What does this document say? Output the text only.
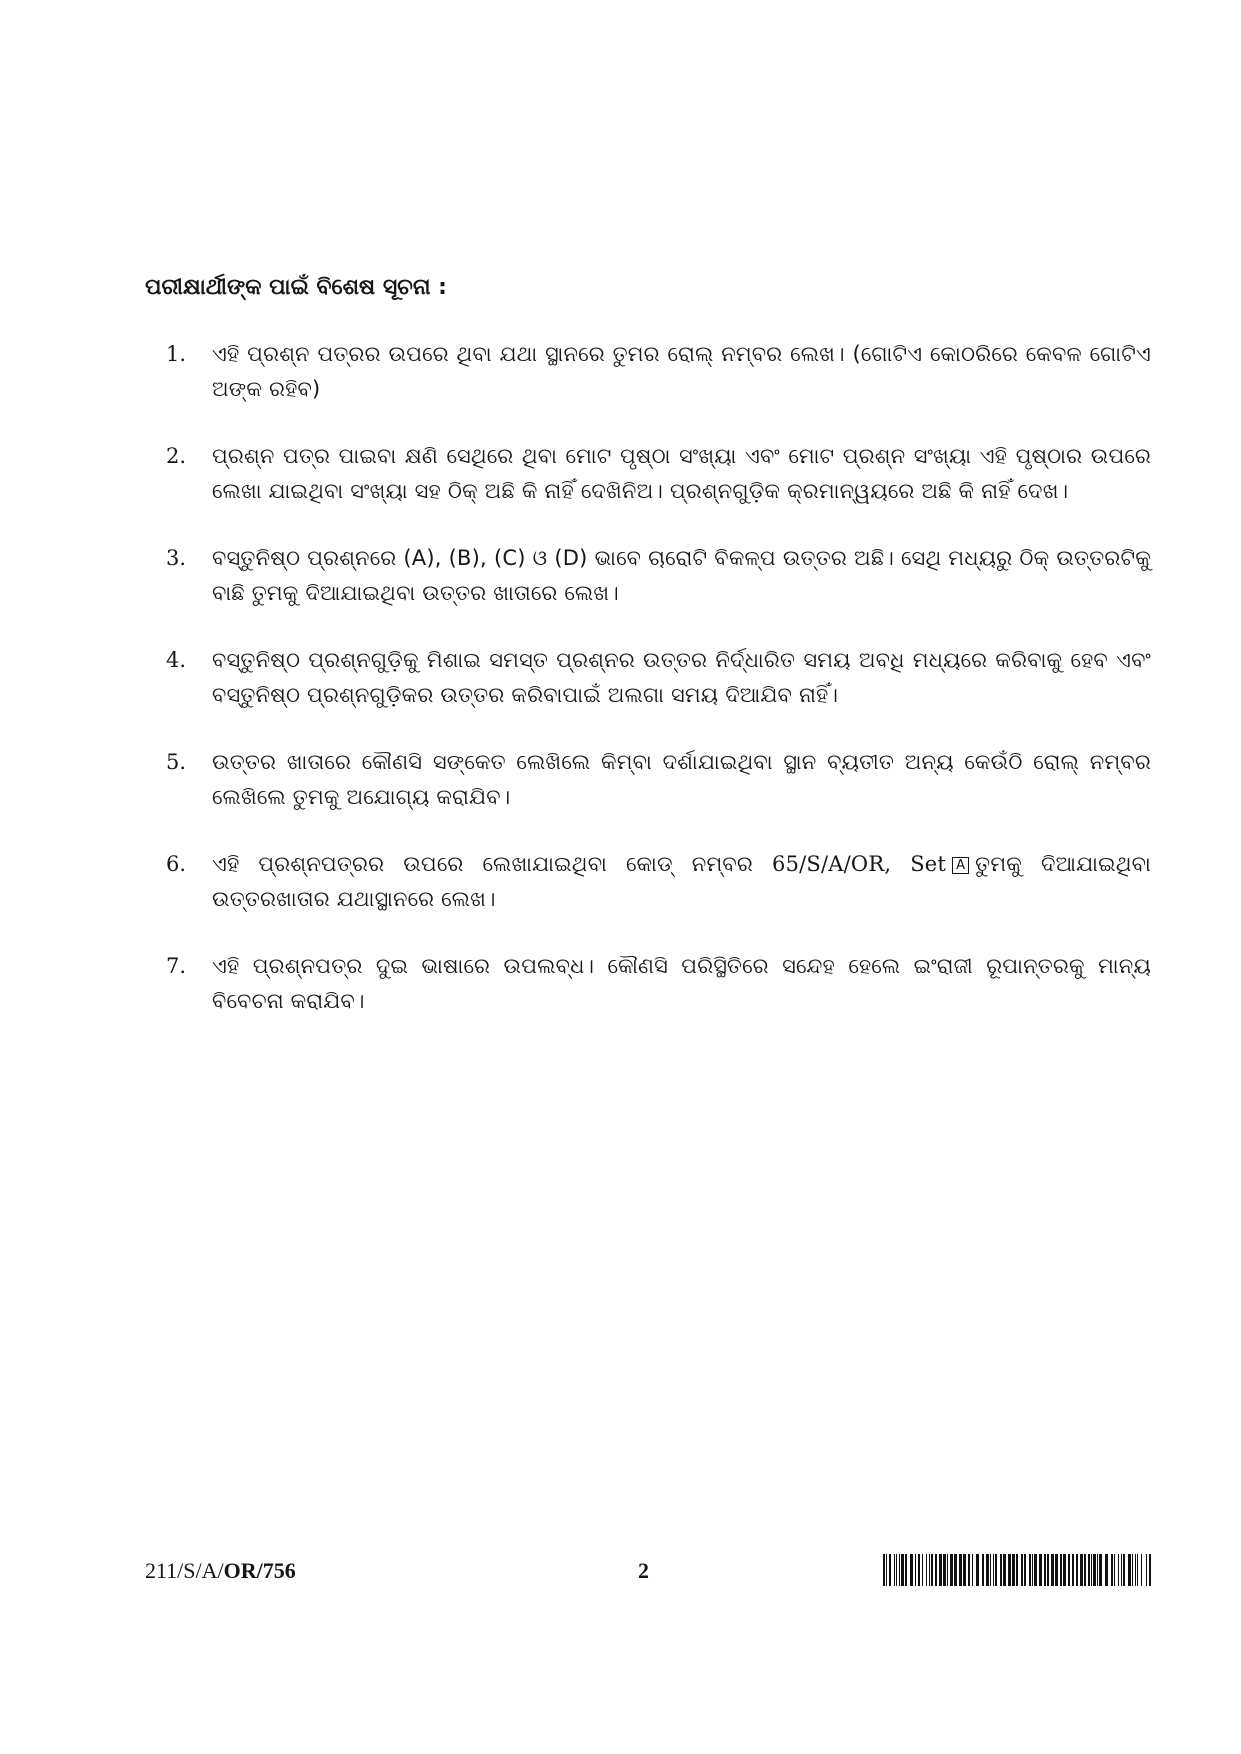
ପରୀକ୍ଷାର୍ଥୀଙ୍କ ପାଇଁ ବିଶେଷ ସୂଚନା :
1.	ଏହି ପ୍ରଶ୍ନ ପତ୍ରର ଉପରେ ଥିବା ଯଥା ସ୍ଥାନରେ ତୁମର ରୋଲ୍ ନମ୍ବର ଲେଖ। (ଗୋଟିଏ କୋଠରିରେ କେବଳ ଗୋଟିଏ ଅଙ୍କ ରହିବ)

2.	ପ୍ରଶ୍ନ ପତ୍ର ପାଇବା କ୍ଷଣି ସେଥିରେ ଥିବା ମୋଟ ପୃଷ୍ଠା ସଂଖ୍ୟା ଏବଂ ମୋଟ ପ୍ରଶ୍ନ ସଂଖ୍ୟା ଏହି ପୃଷ୍ଠାର ଉପରେ ଲେଖା ଯାଇଥିବା ସଂଖ୍ୟା ସହ ଠିକ୍ ଅଛି କି ନାହିଁ ଦେଖିନିଅ। ପ୍ରଶ୍ନଗୁଡ଼ିକ କ୍ରମାନ୍ୱୟରେ ଅଛି କି ନାହିଁ ଦେଖ।

3.	ବସ୍ତୁନିଷ୍ଠ ପ୍ରଶ୍ନରେ (A), (B), (C) ଓ (D) ଭାବେ ଚାରୋଟି ବିକଳ୍ପ ଉତ୍ତର ଅଛି। ସେଥି ମଧ୍ୟରୁ ଠିକ୍ ଉତ୍ତରଟିକୁ ବାଛି ତୁମକୁ ଦିଆଯାଇଥିବା ଉତ୍ତର ଖାତାରେ ଲେଖ।

4.	ବସ୍ତୁନିଷ୍ଠ ପ୍ରଶ୍ନଗୁଡ଼ିକୁ ମିଶାଇ ସମସ୍ତ ପ୍ରଶ୍ନର ଉତ୍ତର ନିର୍ଦ୍ଧାରିତ ସମୟ ଅବଧି ମଧ୍ୟରେ କରିବାକୁ ହେବ ଏବଂ ବସ୍ତୁନିଷ୍ଠ ପ୍ରଶ୍ନଗୁଡ଼ିକର ଉତ୍ତର କରିବାପାଇଁ ଅଲଗା ସମୟ ଦିଆଯିବ ନାହିଁ।

5.	ଉତ୍ତର ଖାତାରେ କୌଣସି ସଙ୍କେତ ଲେଖିଲେ କିମ୍ବା ଦର୍ଶାଯାଇଥିବା ସ୍ଥାନ ବ୍ୟତୀତ ଅନ୍ୟ କେଉଁଠି ରୋଲ୍ ନମ୍ବର ଲେଖିଲେ ତୁମକୁ ଅଯୋଗ୍ୟ କରାଯିବ।

6.	ଏହି ପ୍ରଶ୍ନପତ୍ରର ଉପରେ ଲେଖାଯାଇଥିବା କୋଡ୍ ନମ୍ବର 65/S/A/OR, Set A ତୁମକୁ ଦିଆଯାଇଥିବା ଉତ୍ତରଖାତାର ଯଥାସ୍ଥାନରେ ଲେଖ।

7.	ଏହି ପ୍ରଶ୍ନପତ୍ର ଦୁଇ ଭାଷାରେ ଉପଲବ୍ଧ। କୌଣସି ପରିସ୍ଥିତିରେ ସନ୍ଦେହ ହେଲେ ଇଂରାଜୀ ରୂପାନ୍ତରକୁ ମାନ୍ୟ ବିବେଚନା କରାଯିବ।

211/S/A/OR/756	2
